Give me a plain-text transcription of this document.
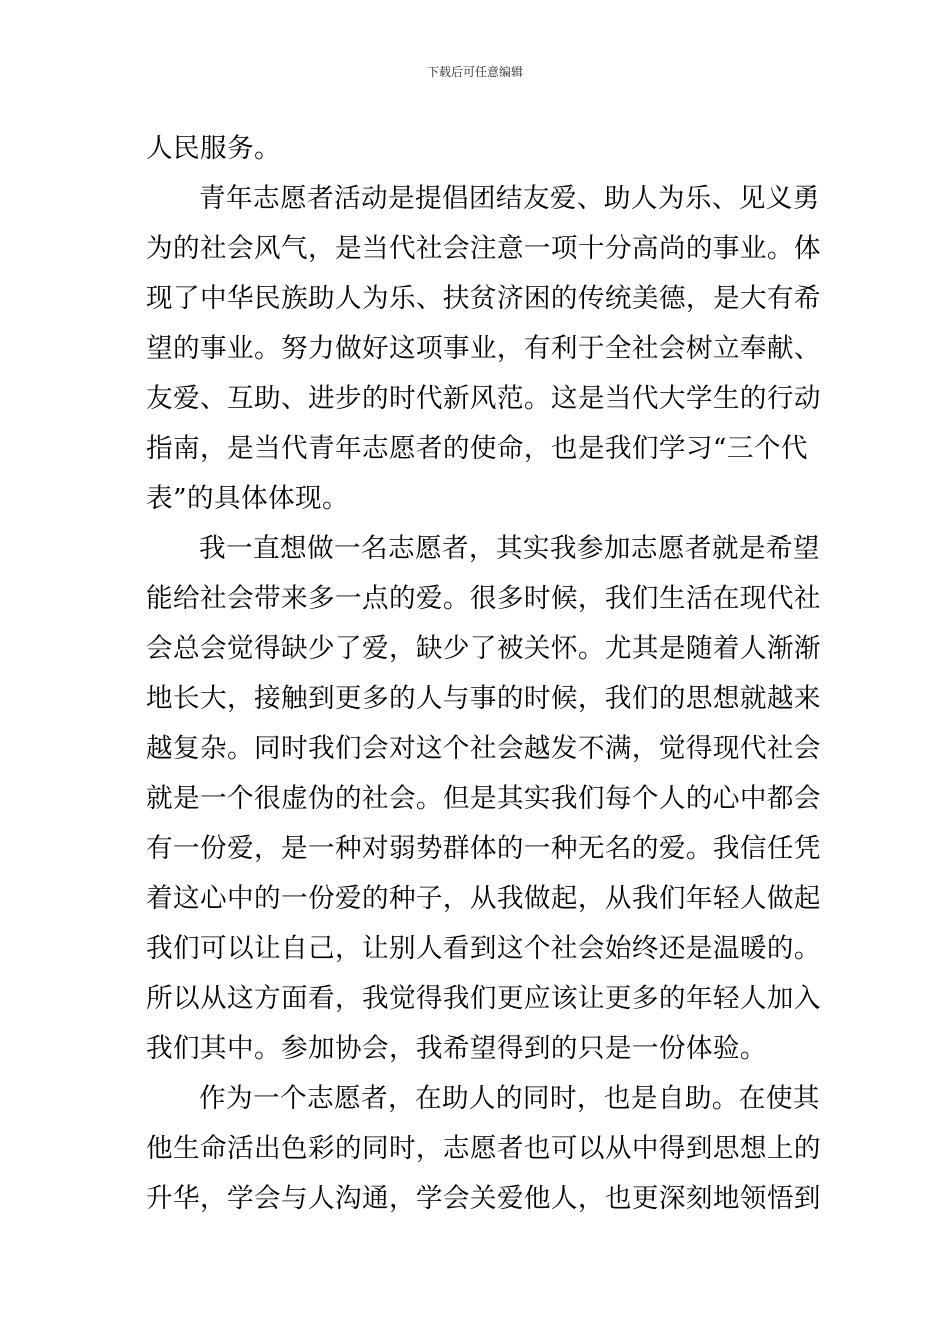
下载后可任意编辑
人民服务。
青年志愿者活动是提倡团结友爱、助人为乐、见义勇
为的社会风气，是当代社会注意一项十分高尚的事业。体
现了中华民族助人为乐、扶贫济困的传统美德，是大有希
望的事业。努力做好这项事业，有利于全社会树立奉献、
友爱、互助、进步的时代新风范。这是当代大学生的行动
指南，是当代青年志愿者的使命，也是我们学习“三个代
表”的具体体现。
我一直想做一名志愿者，其实我参加志愿者就是希望
能给社会带来多一点的爱。很多时候，我们生活在现代社
会总会觉得缺少了爱，缺少了被关怀。尤其是随着人渐渐
地长大，接触到更多的人与事的时候，我们的思想就越来
越复杂。同时我们会对这个社会越发不满，觉得现代社会
就是一个很虚伪的社会。但是其实我们每个人的心中都会
有一份爱，是一种对弱势群体的一种无名的爱。我信任凭
着这心中的一份爱的种子，从我做起，从我们年轻人做起
我们可以让自己，让别人看到这个社会始终还是温暖的。
所以从这方面看，我觉得我们更应该让更多的年轻人加入
我们其中。参加协会，我希望得到的只是一份体验。
作为一个志愿者，在助人的同时，也是自助。在使其
他生命活出色彩的同时，志愿者也可以从中得到思想上的
升华，学会与人沟通，学会关爱他人，也更深刻地领悟到
